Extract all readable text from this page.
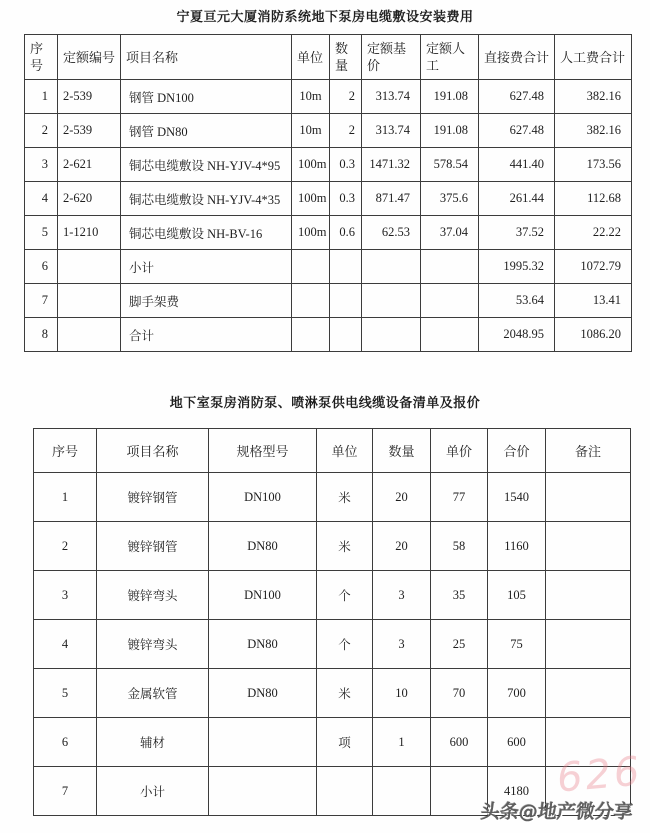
宁夏亘元大厦消防系统地下泵房电缆敷设安装费用
序号	定额编号	项目名称	单位	数量	定额基价	定额人工	直接费合计	人工费合计
1	2-539	钢管 DN100	10m	2	313.74	191.08	627.48	382.16
2	2-539	钢管 DN80	10m	2	313.74	191.08	627.48	382.16
3	2-621	铜芯电缆敷设 NH-YJV-4*95	100m	0.3	1471.32	578.54	441.40	173.56
4	2-620	铜芯电缆敷设 NH-YJV-4*35	100m	0.3	871.47	375.6	261.44	112.68
5	1-1210	铜芯电缆敷设 NH-BV-16	100m	0.6	62.53	37.04	37.52	22.22
6		小计					1995.32	1072.79
7		脚手架费					53.64	13.41
8		合计					2048.95	1086.20
地下室泵房消防泵、喷淋泵供电线缆设备清单及报价
序号	项目名称	规格型号	单位	数量	单价	合价	备注
1	镀锌钢管	DN100	米	20	77	1540	
2	镀锌钢管	DN80	米	20	58	1160	
3	镀锌弯头	DN100	个	3	35	105	
4	镀锌弯头	DN80	个	3	25	75	
5	金属软管	DN80	米	10	70	700	
6	辅材		项	1	600	600	
7	小计					4180	626
头条@地产微分享
